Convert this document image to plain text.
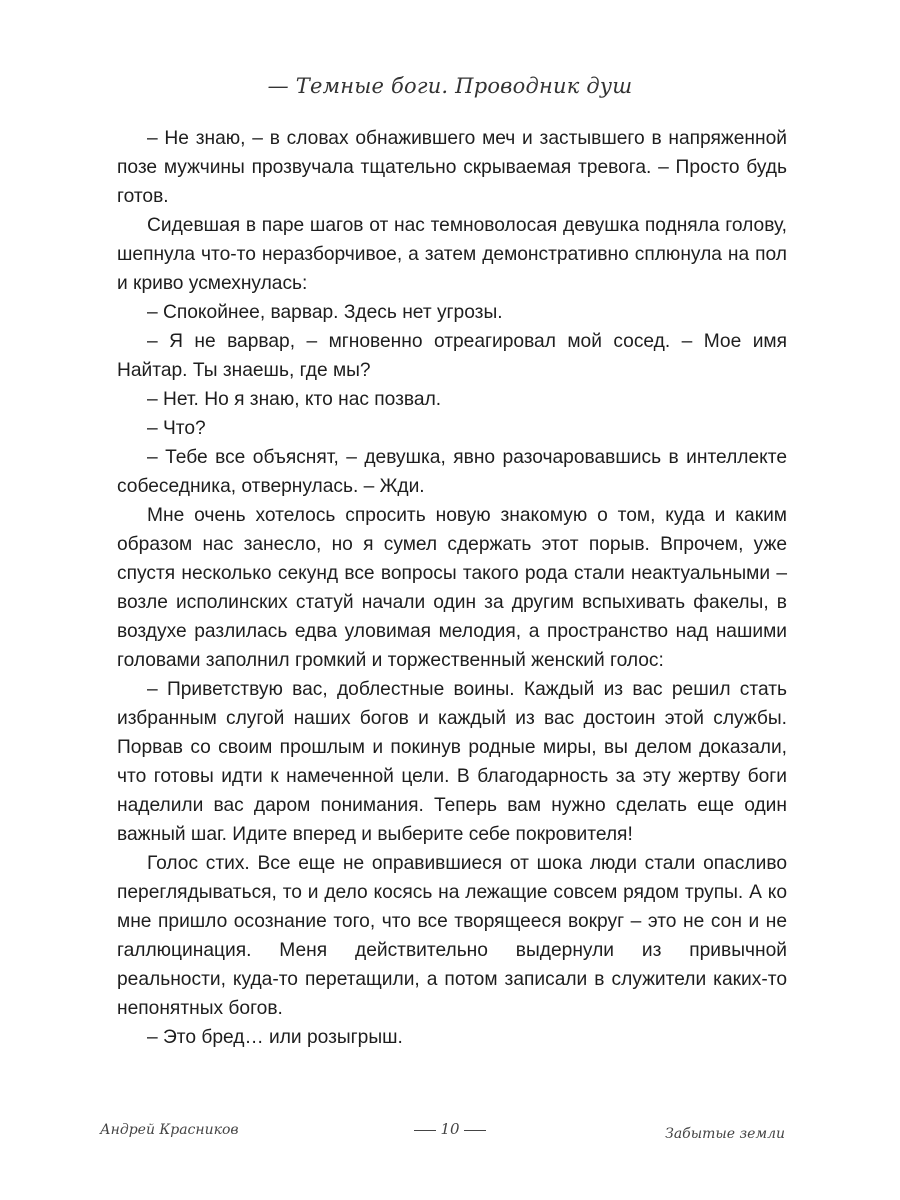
— Темные боги. Проводник душ

– Не знаю, – в словах обнажившего меч и застывшего в напряженной позе мужчины прозвучала тщательно скрываемая тревога. – Просто будь готов.

Сидевшая в паре шагов от нас темноволосая девушка подняла голову, шепнула что-то неразборчивое, а затем демонстративно сплюнула на пол и криво усмехнулась:

– Спокойнее, варвар. Здесь нет угрозы.

– Я не варвар, – мгновенно отреагировал мой сосед. – Мое имя Найтар. Ты знаешь, где мы?

– Нет. Но я знаю, кто нас позвал.

– Что?

– Тебе все объяснят, – девушка, явно разочаровавшись в интеллекте собеседника, отвернулась. – Жди.

Мне очень хотелось спросить новую знакомую о том, куда и каким образом нас занесло, но я сумел сдержать этот порыв. Впрочем, уже спустя несколько секунд все вопросы такого рода стали неактуальными – возле исполинских статуй начали один за другим вспыхивать факелы, в воздухе разлилась едва уловимая мелодия, а пространство над нашими головами заполнил громкий и торжественный женский голос:

– Приветствую вас, доблестные воины. Каждый из вас решил стать избранным слугой наших богов и каждый из вас достоин этой службы. Порвав со своим прошлым и покинув родные миры, вы делом доказали, что готовы идти к намеченной цели. В благодарность за эту жертву боги наделили вас даром понимания. Теперь вам нужно сделать еще один важный шаг. Идите вперед и выберите себе покровителя!

Голос стих. Все еще не оправившиеся от шока люди стали опасливо переглядываться, то и дело косясь на лежащие совсем рядом трупы. А ко мне пришло осознание того, что все творящееся вокруг – это не сон и не галлюцинация. Меня действительно выдернули из привычной реальности, куда-то перетащили, а потом записали в служители каких-то непонятных богов.

– Это бред… или розыгрыш.

Андрей Красников	10	Забытые земли
